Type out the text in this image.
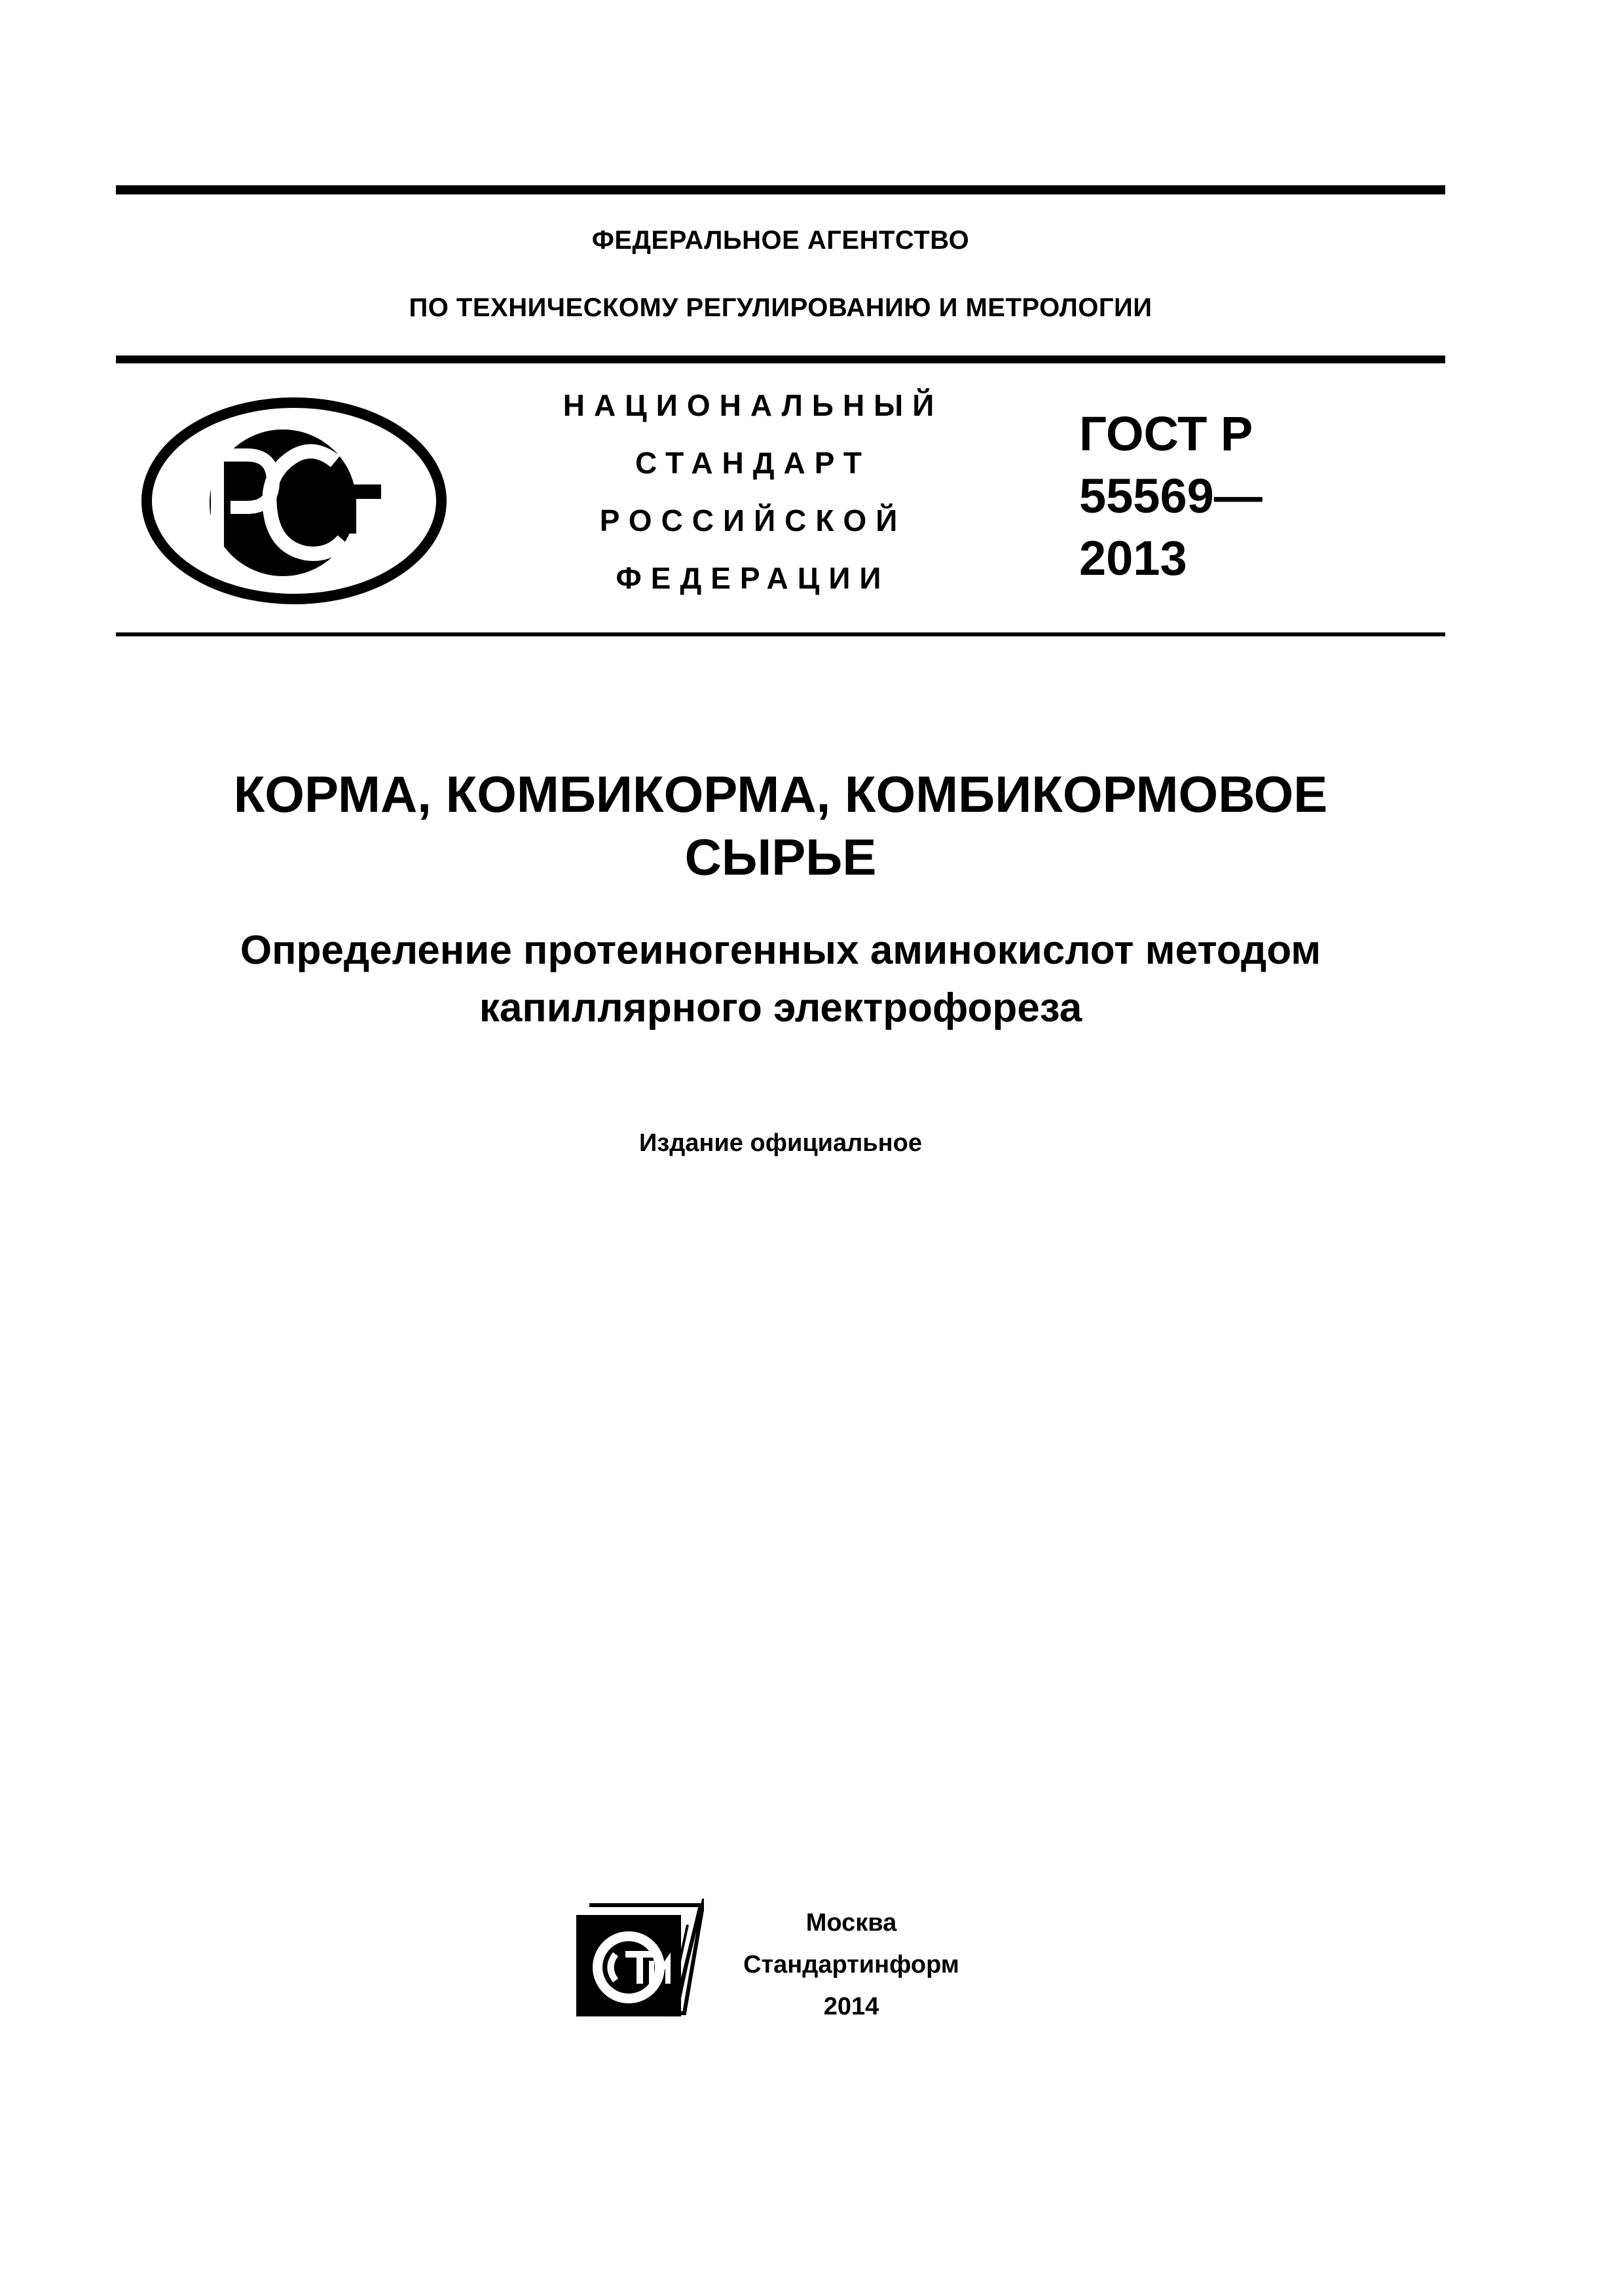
ФЕДЕРАЛЬНОЕ АГЕНТСТВО
ПО ТЕХНИЧЕСКОМУ РЕГУЛИРОВАНИЮ И МЕТРОЛОГИИ
НАЦИОНАЛЬНЫЙ
СТАНДАРТ
РОССИЙСКОЙ
ФЕДЕРАЦИИ
ГОСТ Р
55569—
2013
КОРМА, КОМБИКОРМА, КОМБИКОРМОВОЕ
СЫРЬЕ
Определение протеиногенных аминокислот методом
капиллярного электрофореза
Издание официальное
Москва
Стандартинформ
2014
